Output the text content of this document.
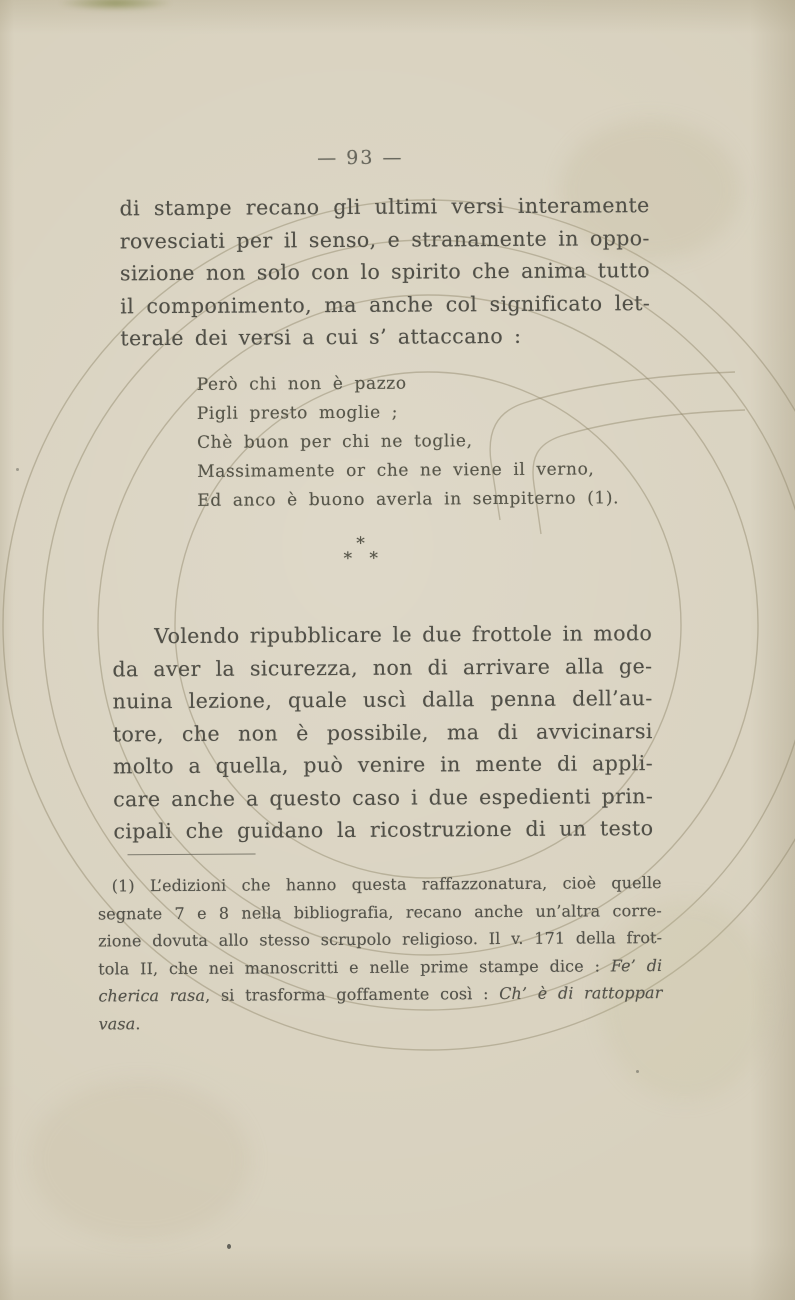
— 93 —
di stampe recano gli ultimi versi interamente
rovesciati per il senso, e stranamente in oppo-
sizione non solo con lo spirito che anima tutto
il componimento, ma anche col significato let-
terale dei versi a cui s’ attaccano :
Però chi non è pazzo
Pigli presto moglie ;
Chè buon per chi ne toglie,
Massimamente or che ne viene il verno,
Ed anco è buono averla in sempiterno (1).
*
* *
Volendo ripubblicare le due frottole in modo
da aver la sicurezza, non di arrivare alla ge-
nuina lezione, quale uscì dalla penna dell’au-
tore, che non è possibile, ma di avvicinarsi
molto a quella, può venire in mente di appli-
care anche a questo caso i due espedienti prin-
cipali che guidano la ricostruzione di un testo
(1) L’edizioni che hanno questa raffazzonatura, cioè quelle
segnate 7 e 8 nella bibliografia, recano anche un’altra corre-
zione dovuta allo stesso scrupolo religioso. Il v. 171 della frot-
tola II, che nei manoscritti e nelle prime stampe dice : Fe’ di
cherica rasa, si trasforma goffamente così : Ch’ è di rattoppar
vasa.
